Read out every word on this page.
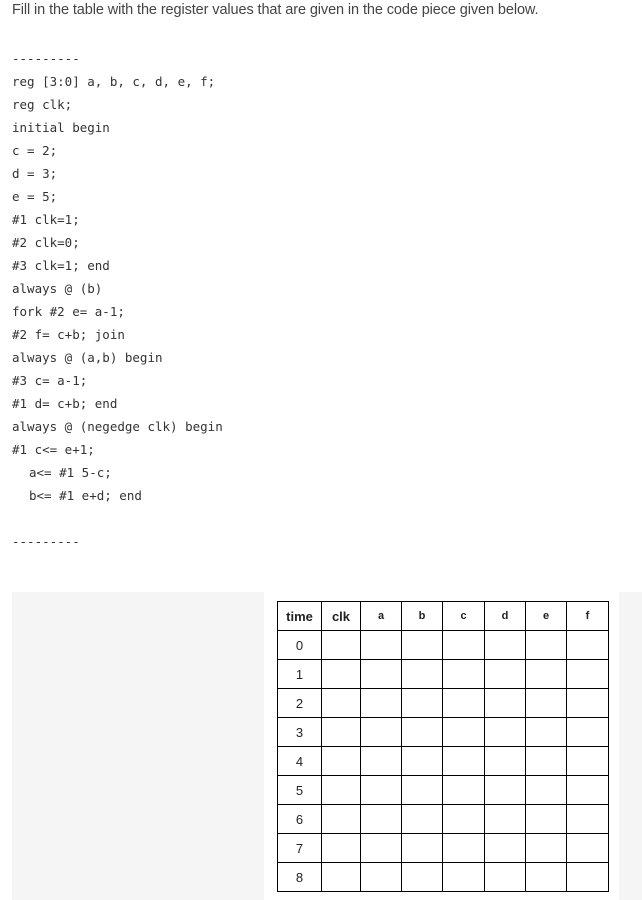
Fill in the table with the register values that are given in the code piece given below.
---------
reg [3:0] a, b, c, d, e, f;
reg clk;
initial begin
c = 2;
d = 3;
e = 5;
#1 clk=1;
#2 clk=0;
#3 clk=1; end
always @ (b)
fork #2 e= a-1;
#2 f= c+b; join
always @ (a,b) begin
#3 c= a-1;
#1 d= c+b; end
always @ (negedge clk) begin
#1 c<= e+1;
a<= #1 5-c;
b<= #1 e+d; end
---------
time	clk	a	b	c	d	e	f
0							
1							
2							
3							
4							
5							
6							
7							
8							
